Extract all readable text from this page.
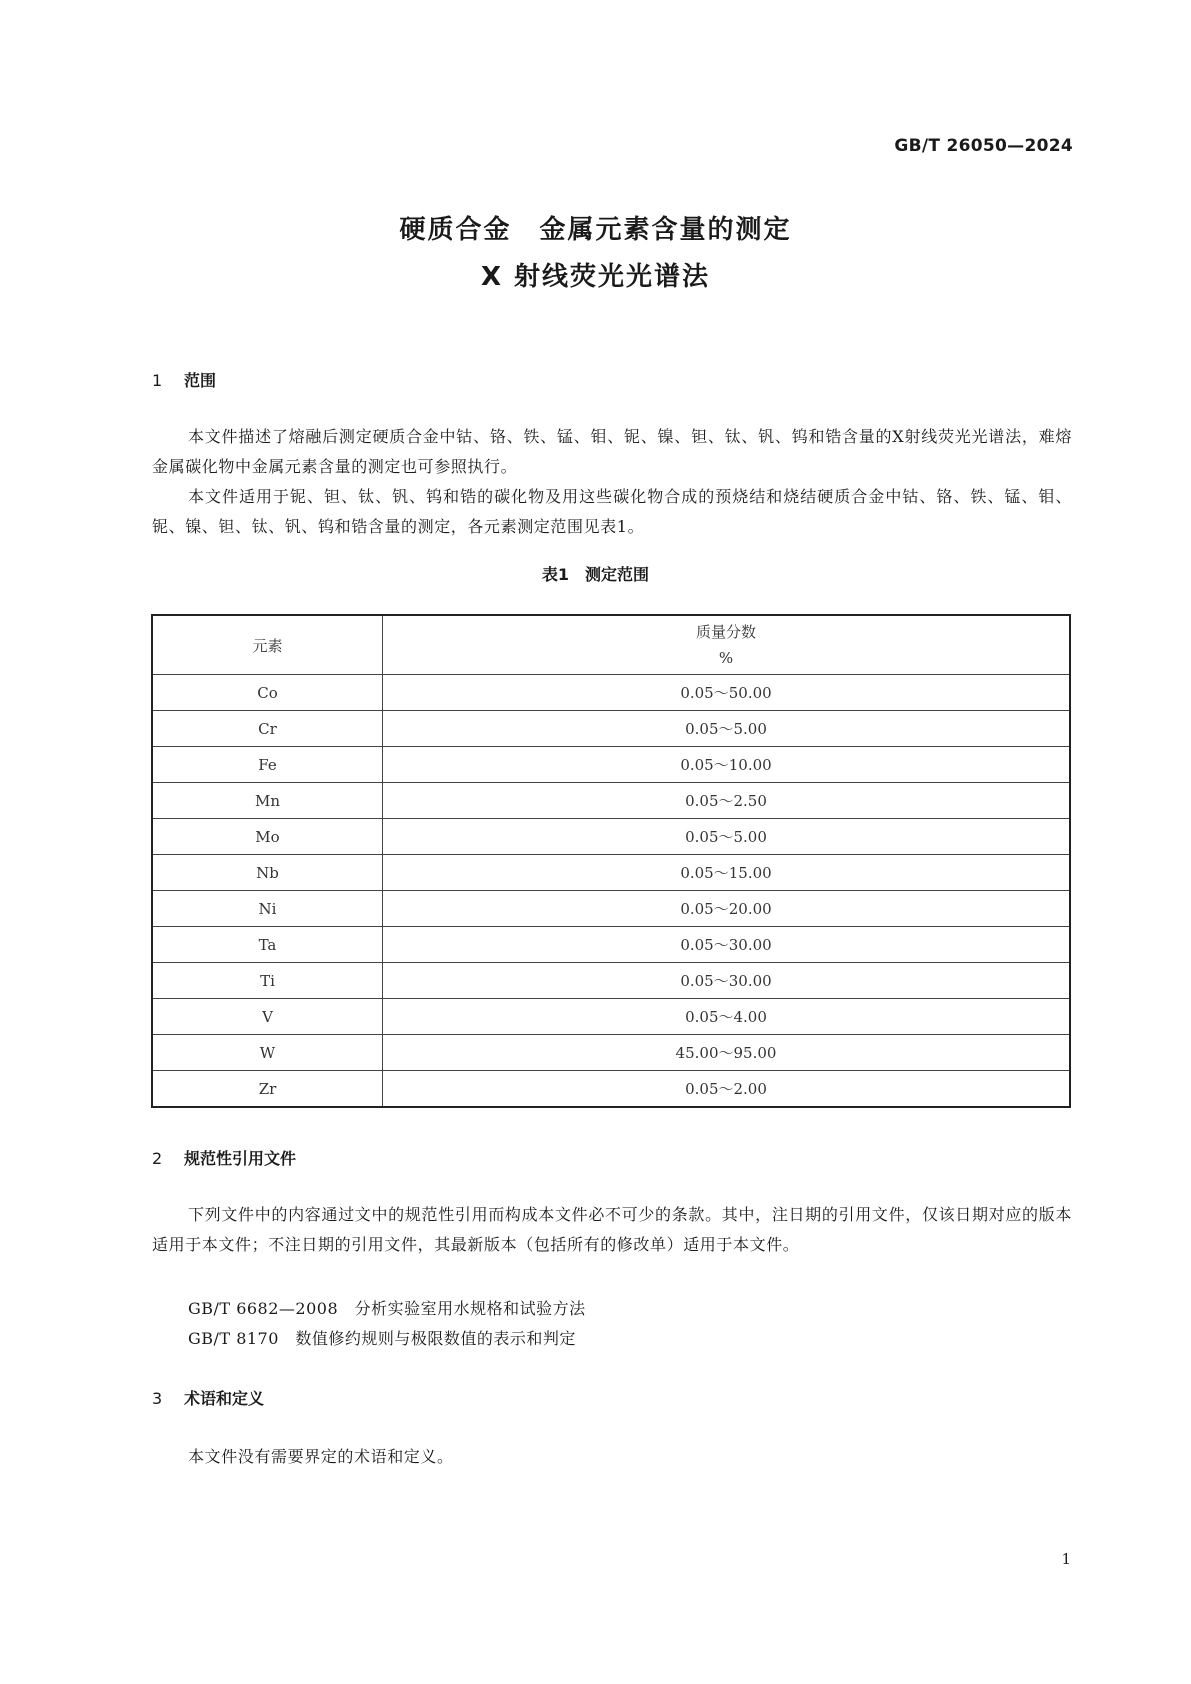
GB/T 26050—2024
硬质合金　金属元素含量的测定
X 射线荧光光谱法
1 范围
本文件描述了熔融后测定硬质合金中钴、铬、铁、锰、钼、铌、镍、钽、钛、钒、钨和锆含量的X射线荧光光谱法，难熔金属碳化物中金属元素含量的测定也可参照执行。
本文件适用于铌、钽、钛、钒、钨和锆的碳化物及用这些碳化物合成的预烧结和烧结硬质合金中钴、铬、铁、锰、钼、铌、镍、钽、钛、钒、钨和锆含量的测定，各元素测定范围见表1。
表1　测定范围
元素	质量分数
%

Co	0.05～50.00
Cr	0.05～5.00
Fe	0.05～10.00
Mn	0.05～2.50
Mo	0.05～5.00
Nb	0.05～15.00
Ni	0.05～20.00
Ta	0.05～30.00
Ti	0.05～30.00
V	0.05～4.00
W	45.00～95.00
Zr	0.05～2.00
2 规范性引用文件
下列文件中的内容通过文中的规范性引用而构成本文件必不可少的条款。其中，注日期的引用文件，仅该日期对应的版本适用于本文件；不注日期的引用文件，其最新版本（包括所有的修改单）适用于本文件。
GB/T 6682—2008　分析实验室用水规格和试验方法
GB/T 8170　数值修约规则与极限数值的表示和判定
3 术语和定义
本文件没有需要界定的术语和定义。
1
